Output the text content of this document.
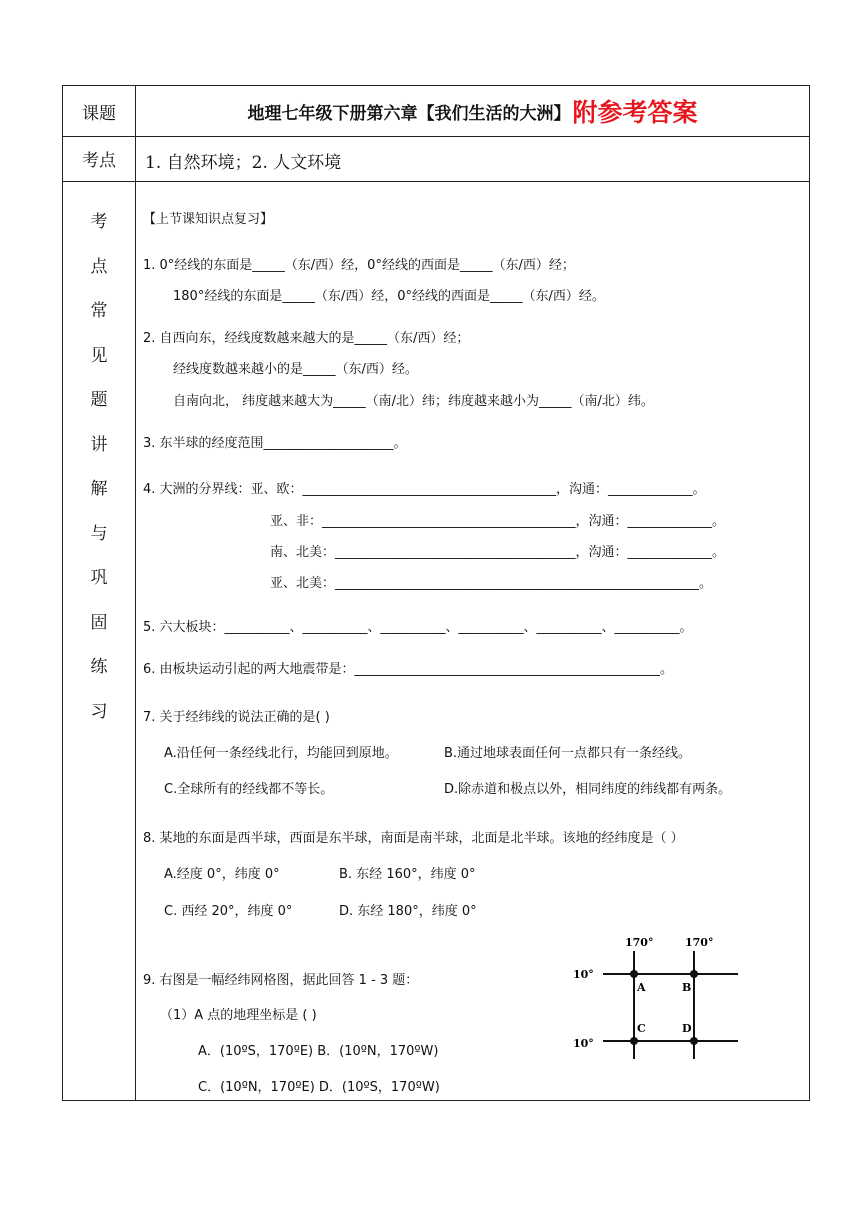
课题	地理七年级下册第六章【我们生活的大洲】 附参考答案
考点	1. 自然环境；2. 人文环境
考
点
常
见
题
讲
解
与
巩
固
练
习
【上节课知识点复习】
1. 0°经线的东面是_____（东/西）经，0°经线的西面是_____（东/西）经；
180°经线的东面是_____（东/西）经，0°经线的西面是_____（东/西）经。
2. 自西向东，经线度数越来越大的是_____（东/西）经；
经线度数越来越小的是_____（东/西）经。
自南向北， 纬度越来越大为_____（南/北）纬；纬度越来越小为_____（南/北）纬。
3. 东半球的经度范围____________________。
4. 大洲的分界线：亚、欧：_______________________________________，沟通：_____________。
亚、非：_______________________________________，沟通：_____________。
南、北美：_____________________________________，沟通：_____________。
亚、北美：________________________________________________________。
5. 六大板块：__________、__________、__________、__________、__________、__________。
6. 由板块运动引起的两大地震带是：_______________________________________________。
7. 关于经纬线的说法正确的是( )
A.沿任何一条经线北行，均能回到原地。	B.通过地球表面任何一点都只有一条经线。
C.全球所有的经线都不等长。	D.除赤道和极点以外，相同纬度的纬线都有两条。
8. 某地的东面是西半球，西面是东半球，南面是南半球，北面是北半球。该地的经纬度是（ ）
A.经度 0°，纬度 0°	B. 东经 160°，纬度 0°
C. 西经 20°，纬度 0°	D. 东经 180°，纬度 0°
9. 右图是一幅经纬网格图，据此回答 1 - 3 题：
（1）A 点的地理坐标是 ( )
A．(10ºS，170ºE) B．(10ºN，170ºW)
C．(10ºN，170ºE) D．(10ºS，170ºW)
170°	170°
10°
10°
A	B
C	D
